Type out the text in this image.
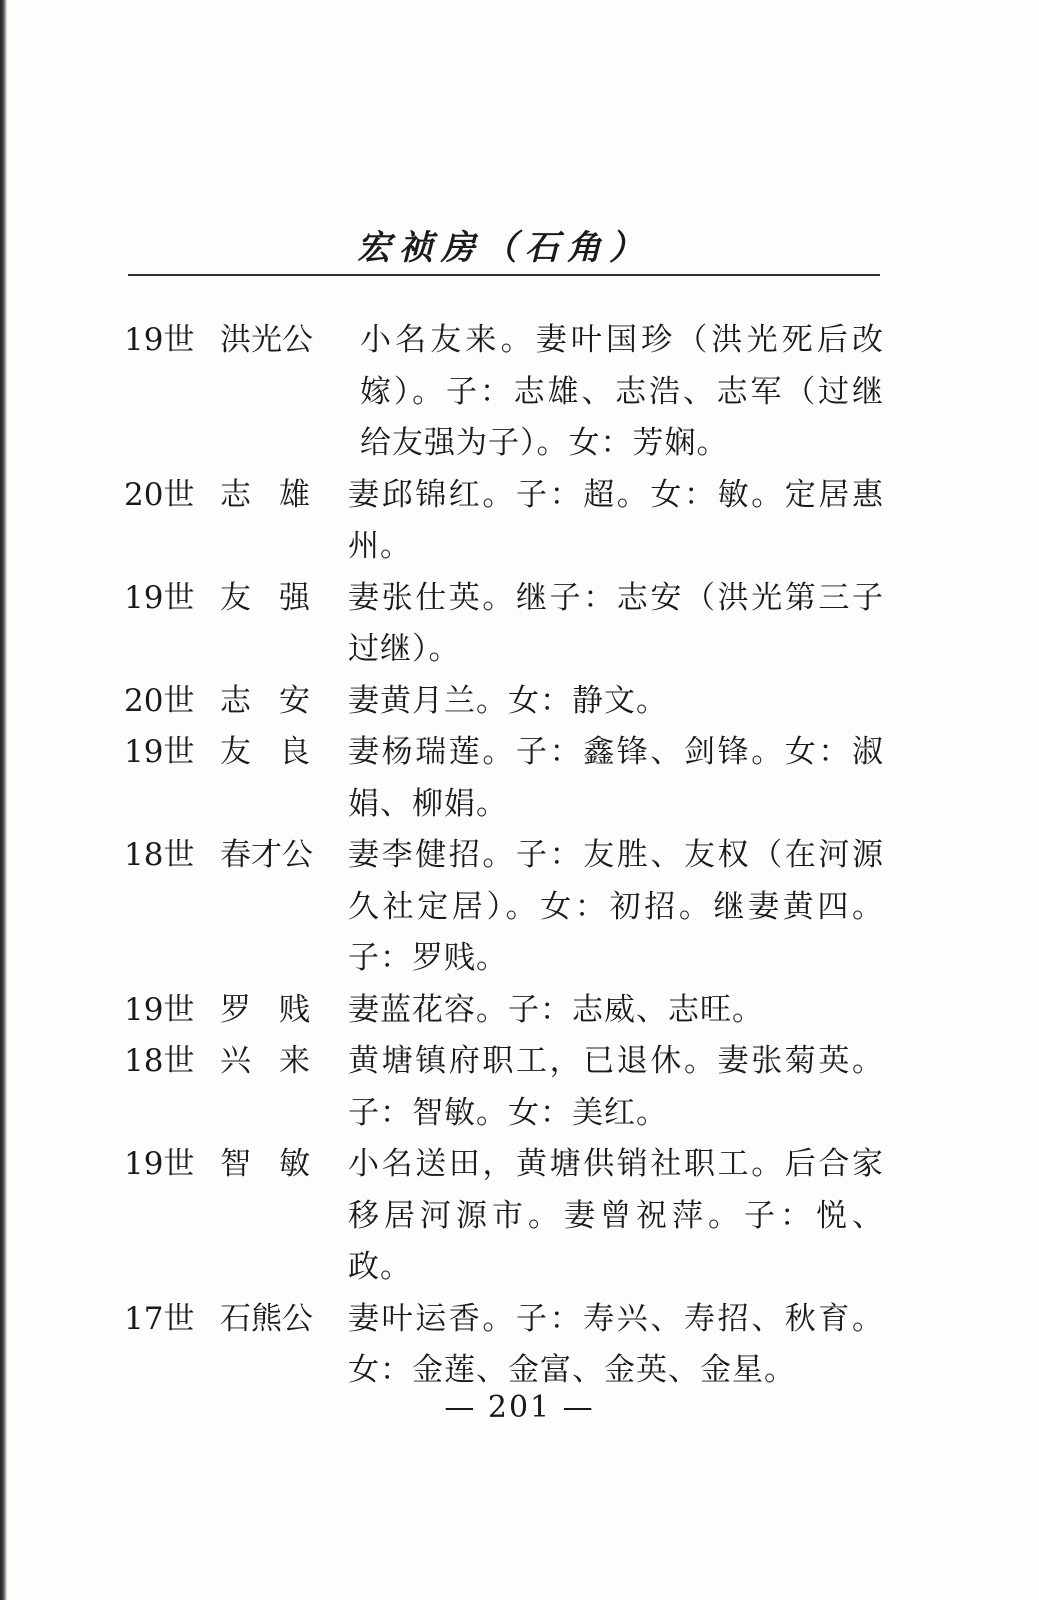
宏祯房（石角）
19世 洪光公	小名友来。妻叶国珍（洪光死后改嫁）。子：志雄、志浩、志军（过继给友强为子）。女：芳娴。
20世 志雄 妻邱锦红。子：超。女：敏。定居惠州。
19世 友强 妻张仕英。继子：志安（洪光第三子过继）。
20世 志安 妻黄月兰。女：静文。
19世 友良 妻杨瑞莲。子：鑫锋、剑锋。女：淑娟、柳娟。
18世 春才公	妻李健招。子：友胜、友权（在河源久社定居）。女：初招。继妻黄四。子：罗贱。
19世 罗贱 妻蓝花容。子：志威、志旺。
18世 兴来 黄塘镇府职工，已退休。妻张菊英。子：智敏。女：美红。
19世 智敏 小名送田，黄塘供销社职工。后合家移居河源市。妻曾祝萍。子：悦、政。
17世 石熊公	妻叶运香。子：寿兴、寿招、秋育。女：金莲、金富、金英、金星。
— 201 —
